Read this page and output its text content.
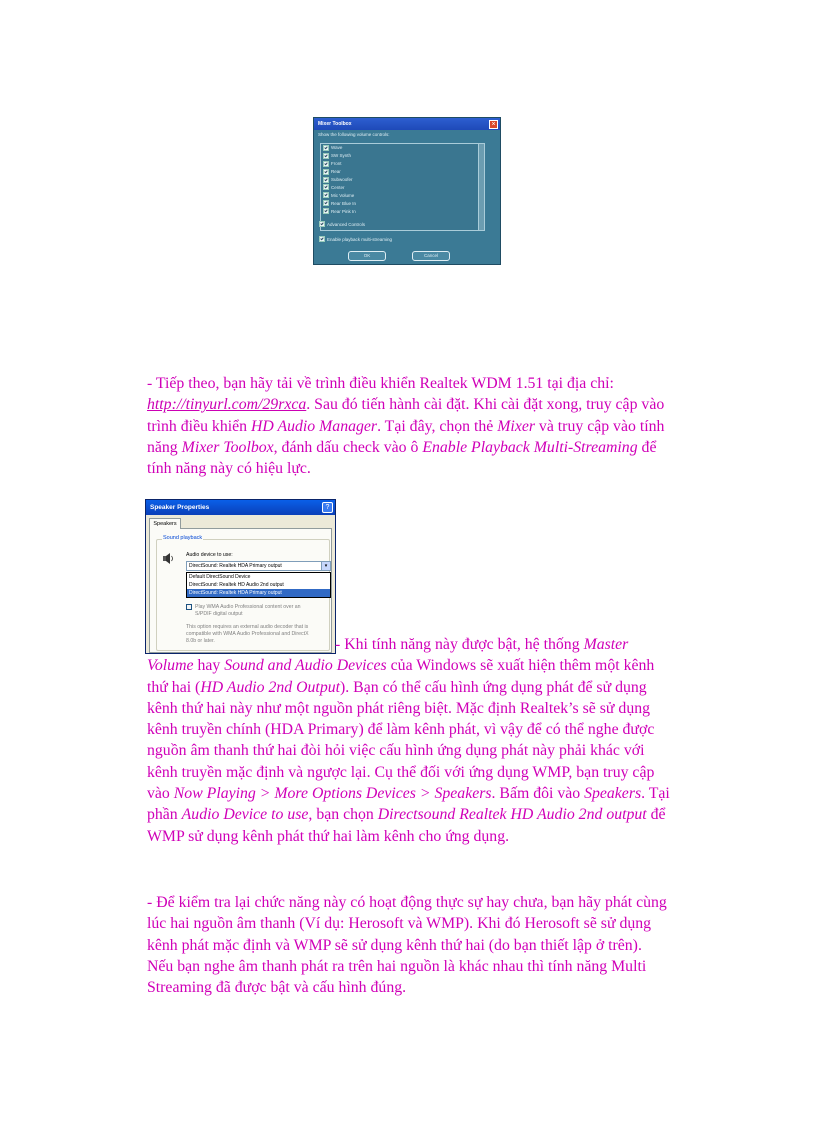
Mixer Toolbox	×
Show the following volume controls:
Wave
SW Synth
Front
Rear
Subwoofer
Center
Mic Volume
Rear Blue In
Rear Pink In
Advanced Controls
Enable playback multi-streaming
OK	Cancel

- Tiếp theo, bạn hãy tải về trình điều khiển Realtek WDM 1.51 tại địa chỉ: http://tinyurl.com/29rxca. Sau đó tiến hành cài đặt. Khi cài đặt xong, truy cập vào trình điều khiển HD Audio Manager. Tại đây, chọn thẻ Mixer và truy cập vào tính năng Mixer Toolbox, đánh dấu check vào ô Enable Playback Multi-Streaming để tính năng này có hiệu lực.

Speaker Properties	?
Speakers
Sound playback
Audio device to use:
DirectSound: Realtek HDA Primary output	▾
Default DirectSound Device
DirectSound: Realtek HD Audio 2nd output
DirectSound: Realtek HDA Primary output
Play WMA Audio Professional content over an
S/PDIF digital output
This option requires an external audio decoder that is
compatible with WMA Audio Professional and DirectX
8.0b or later.	- Khi tính năng này được bật, hệ thống Master Volume hay Sound and Audio Devices của Windows sẽ xuất hiện thêm một kênh thứ hai (HD Audio 2nd Output). Bạn có thể cấu hình ứng dụng phát để sử dụng kênh thứ hai này như một nguồn phát riêng biệt. Mặc định Realtek’s sẽ sử dụng kênh truyền chính (HDA Primary) để làm kênh phát, vì vậy để có thể nghe được nguồn âm thanh thứ hai đòi hỏi việc cấu hình ứng dụng phát này phải khác với kênh truyền mặc định và ngược lại. Cụ thể đối với ứng dụng WMP, bạn truy cập vào Now Playing > More Options Devices > Speakers. Bấm đôi vào Speakers. Tại phần Audio Device to use, bạn chọn Directsound Realtek HD Audio 2nd output để WMP sử dụng kênh phát thứ hai làm kênh cho ứng dụng.

- Để kiểm tra lại chức năng này có hoạt động thực sự hay chưa, bạn hãy phát cùng lúc hai nguồn âm thanh (Ví dụ: Herosoft và WMP). Khi đó Herosoft sẽ sử dụng kênh phát mặc định và WMP sẽ sử dụng kênh thứ hai (do bạn thiết lập ở trên). Nếu bạn nghe âm thanh phát ra trên hai nguồn là khác nhau thì tính năng Multi Streaming đã được bật và cấu hình đúng.
